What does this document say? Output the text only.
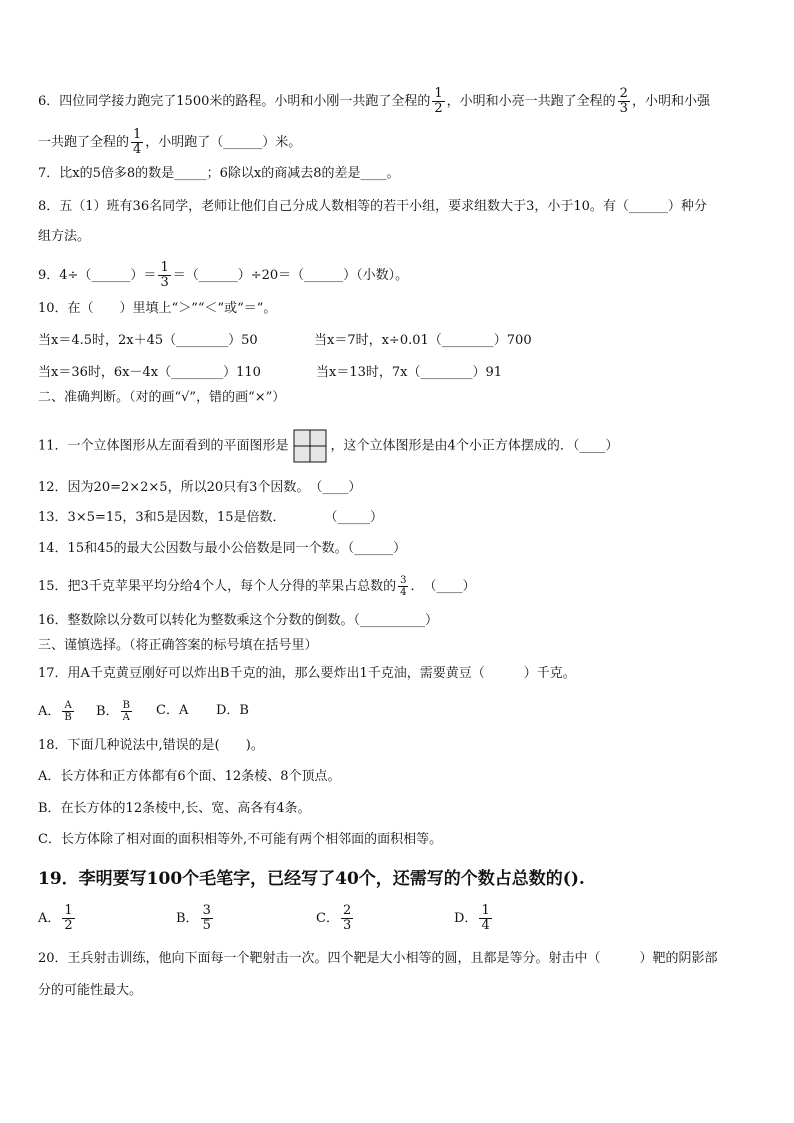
6．四位同学接力跑完了1500米的路程。小明和小刚一共跑了全程的 $\frac{1}{2}$ ，小明和小亮一共跑了全程的 $\frac{2}{3}$ ，小明和小强
一共跑了全程的 $\frac{1}{4}$ ，小明跑了（______）米。
7．比x的5倍多8的数是_____；6除以x的商减去8的差是____。
8．五（1）班有36名同学，老师让他们自己分成人数相等的若干小组，要求组数大于3，小于10。有（______）种分
组方法。
9．4÷（______）＝ $\frac{1}{3}$ ＝（______）÷20＝（______）（小数）。
10．在（　　）里填上“＞”“＜”或“＝”。
当x＝4.5时，2x＋45（________）50	当x＝7时，x÷0.01（________）700
当x＝36时，6x－4x（________）110	当x＝13时，7x（________）91
二、准确判断。（对的画“√”，错的画“×”）
11．一个立体图形从左面看到的平面图形是	，这个立体图形是由4个小正方体摆成的．（____）
12．因为20=2×2×5，所以20只有3个因数。　（____）
13．3×5=15，3和5是因数，15是倍数．　　　　（_____）
14．15和45的最大公因数与最小公倍数是同一个数。（______）
15．把3千克苹果平均分给4个人，每个人分得的苹果占总数的 $\frac{3}{4}$ ．　（____）
16．整数除以分数可以转化为整数乘这个分数的倒数。（__________）
三、谨慎选择。（将正确答案的标号填在括号里）
17．用A千克黄豆刚好可以炸出B千克的油，那么要炸出1千克油，需要黄豆（　　　）千克。
A． $\frac{A}{B}$ B． $\frac{B}{A}$ C．A D．B
18．下面几种说法中,错误的是(　　)。
A．长方体和正方体都有6个面、12条棱、8个顶点。
B．在长方体的12条棱中,长、宽、高各有4条。
C．长方体除了相对面的面积相等外,不可能有两个相邻面的面积相等。
19．李明要写100个毛笔字，已经写了40个，还需写的个数占总数的().
A． $\frac{1}{2}$	B． $\frac{3}{5}$	C． $\frac{2}{3}$	D． $\frac{1}{4}$
20．王兵射击训练，他向下面每一个靶射击一次。四个靶是大小相等的圆，且都是等分。射击中（　　　）靶的阴影部
分的可能性最大。
